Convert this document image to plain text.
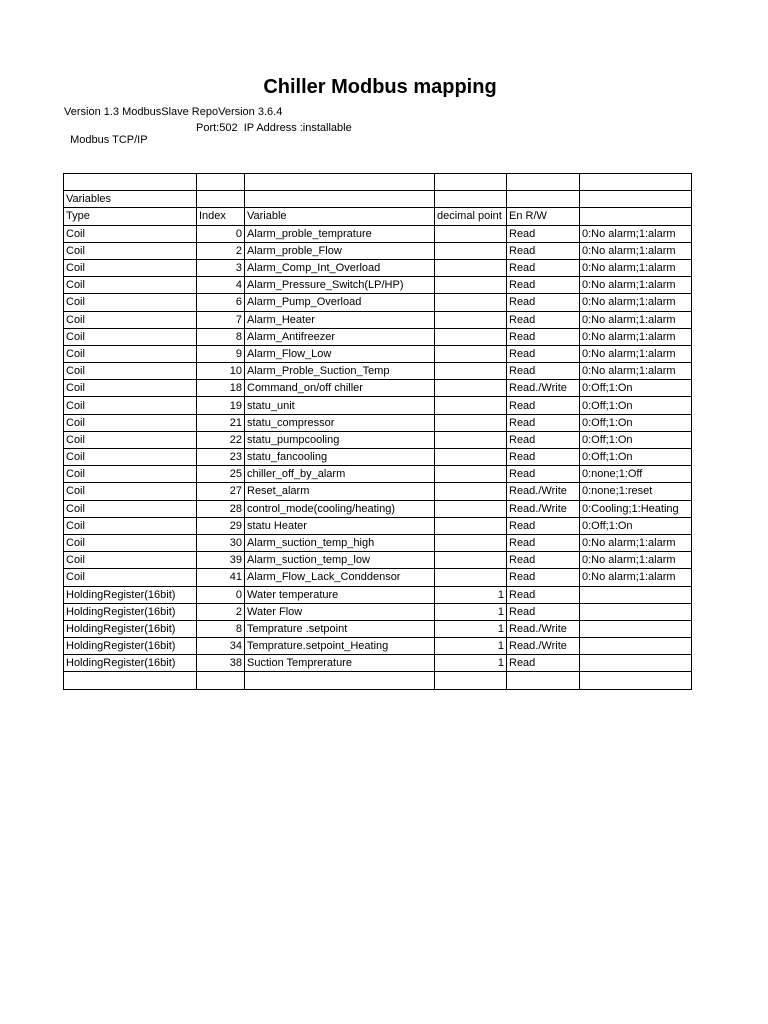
Chiller Modbus mapping
Version 1.3 ModbusSlave RepoVersion 3.6.4

Modbus TCP/IP

Port:502  IP Address :installable

Variables					
Type	Index	Variable	decimal point	En R/W	
Coil	0	Alarm_proble_temprature		Read	0:No alarm;1:alarm
Coil	2	Alarm_proble_Flow		Read	0:No alarm;1:alarm
Coil	3	Alarm_Comp_Int_Overload		Read	0:No alarm;1:alarm
Coil	4	Alarm_Pressure_Switch(LP/HP)		Read	0:No alarm;1:alarm
Coil	6	Alarm_Pump_Overload		Read	0:No alarm;1:alarm
Coil	7	Alarm_Heater		Read	0:No alarm;1:alarm
Coil	8	Alarm_Antifreezer		Read	0:No alarm;1:alarm
Coil	9	Alarm_Flow_Low		Read	0:No alarm;1:alarm
Coil	10	Alarm_Proble_Suction_Temp		Read	0:No alarm;1:alarm
Coil	18	Command_on/off chiller		Read./Write	0:Off;1:On
Coil	19	statu_unit		Read	0:Off;1:On
Coil	21	statu_compressor		Read	0:Off;1:On
Coil	22	statu_pumpcooling		Read	0:Off;1:On
Coil	23	statu_fancooling		Read	0:Off;1:On
Coil	25	chiller_off_by_alarm		Read	0:none;1:Off
Coil	27	Reset_alarm		Read./Write	0:none;1:reset
Coil	28	control_mode(cooling/heating)		Read./Write	0:Cooling;1:Heating
Coil	29	statu Heater		Read	0:Off;1:On
Coil	30	Alarm_suction_temp_high		Read	0:No alarm;1:alarm
Coil	39	Alarm_suction_temp_low		Read	0:No alarm;1:alarm
Coil	41	Alarm_Flow_Lack_Conddensor		Read	0:No alarm;1:alarm
HoldingRegister(16bit)	0	Water temperature	1	Read	
HoldingRegister(16bit)	2	Water Flow	1	Read	
HoldingRegister(16bit)	8	Temprature .setpoint	1	Read./Write	
HoldingRegister(16bit)	34	Temprature.setpoint_Heating	1	Read./Write	
HoldingRegister(16bit)	38	Suction Temprerature	1	Read	
